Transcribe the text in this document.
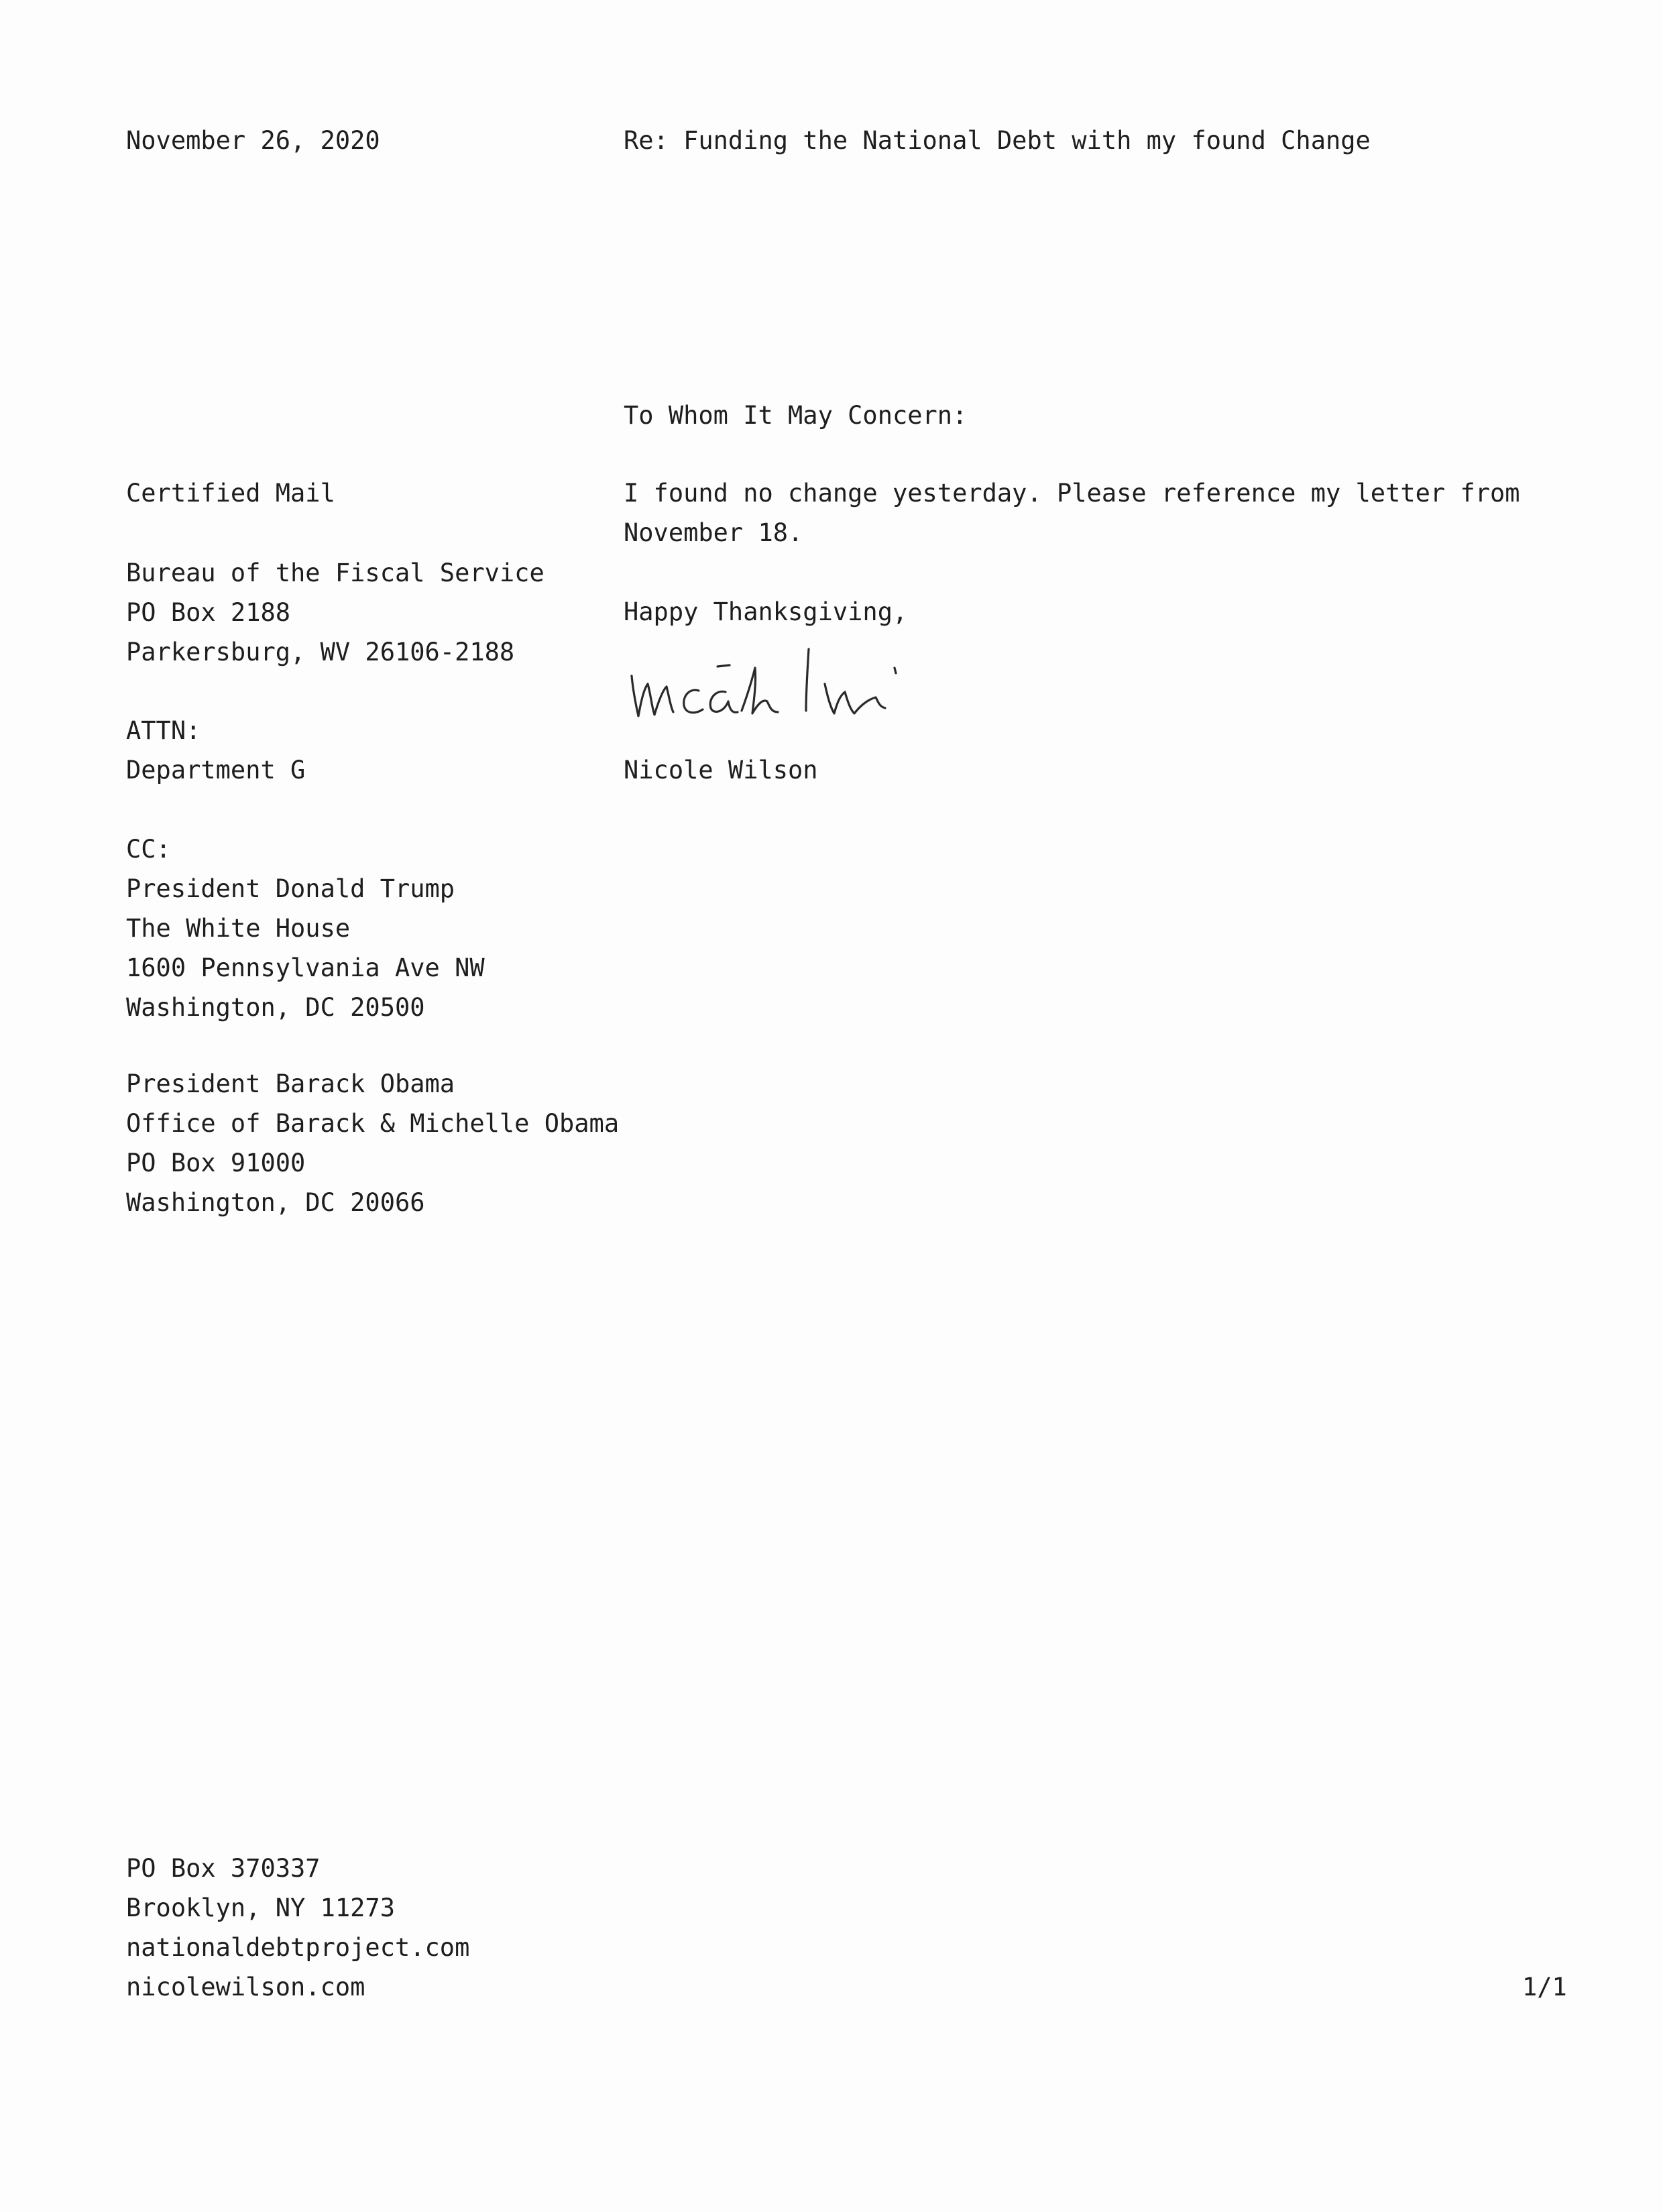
November 26, 2020	Re: Funding the National Debt with my found Change

To Whom It May Concern:

Certified Mail

Bureau of the Fiscal Service
PO Box 2188
Parkersburg, WV 26106-2188
ATTN:
Department G
CC:
President Donald Trump
The White House
1600 Pennsylvania Ave NW
Washington, DC 20500
President Barack Obama
Office of Barack & Michelle Obama
PO Box 91000
Washington, DC 20066
I found no change yesterday. Please reference my letter from
November 18.

Happy Thanksgiving,

Nicole Wilson

PO Box 370337
Brooklyn, NY 11273
nationaldebtproject.com
nicolewilson.com	1/1
